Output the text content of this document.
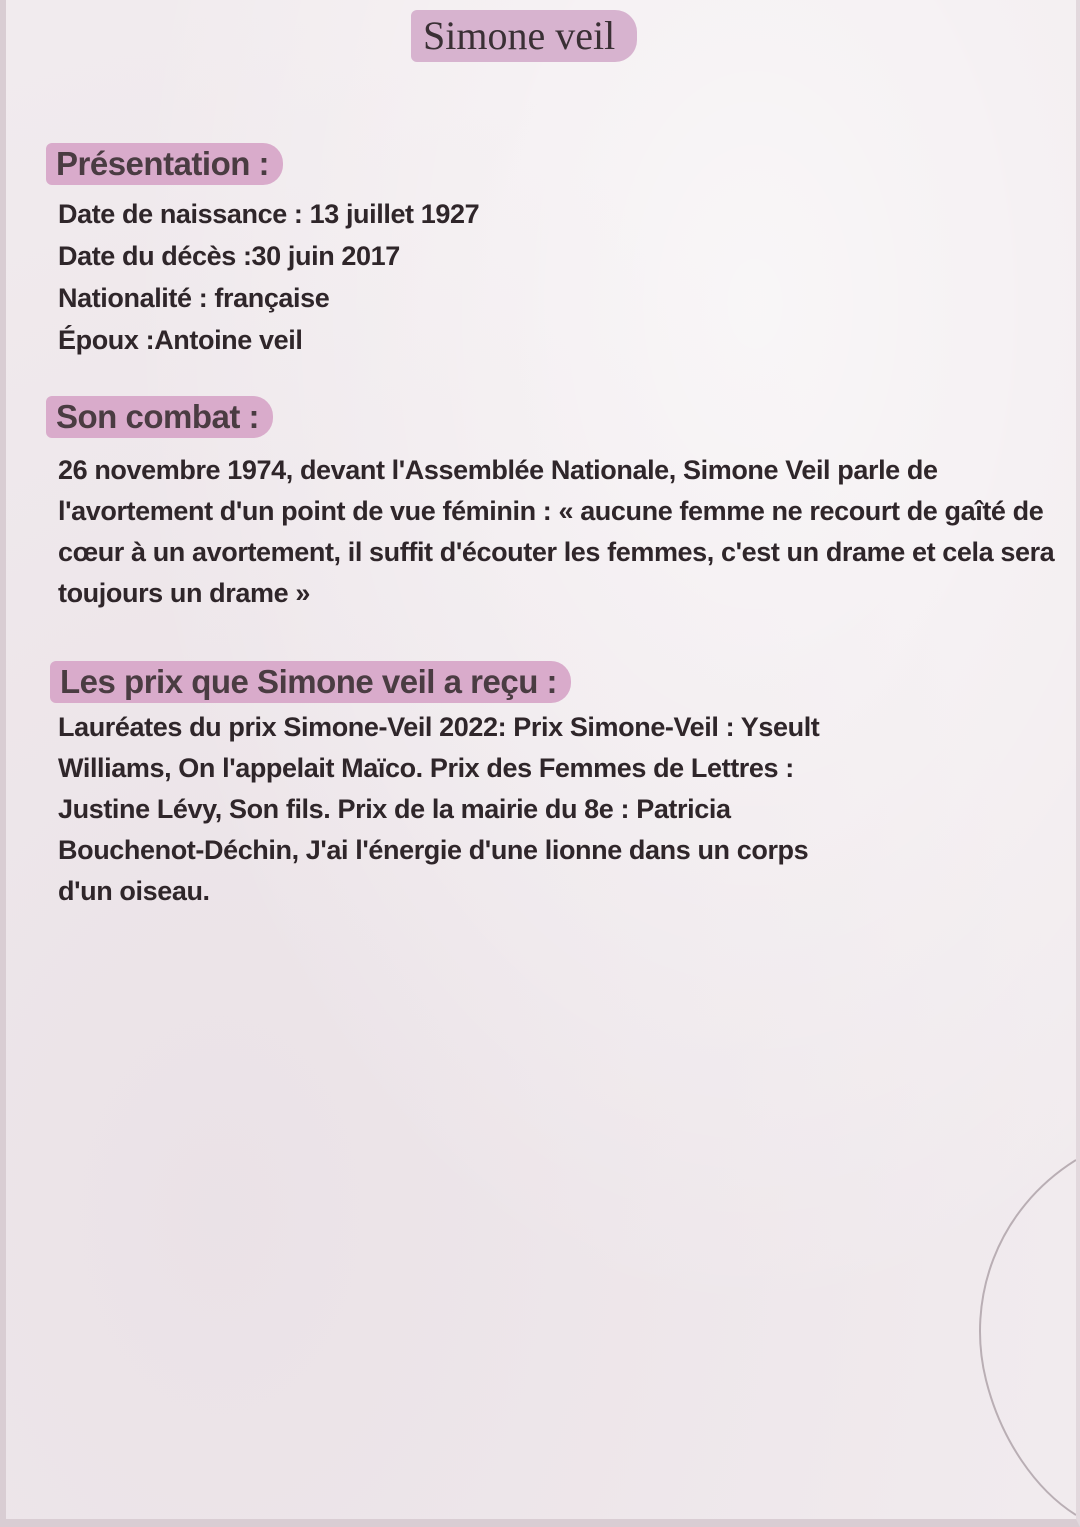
Simone veil
Présentation :
Date de naissance : 13 juillet 1927
Date du décès :30 juin 2017
Nationalité : française
Époux :Antoine veil
Son combat :
26 novembre 1974, devant l'Assemblée Nationale, Simone Veil parle de l'avortement d'un point de vue féminin : « aucune femme ne recourt de gaîté de cœur à un avortement, il suffit d'écouter les femmes, c'est un drame et cela sera toujours un drame »
Les prix que Simone veil a reçu :
Lauréates du prix Simone-Veil 2022: Prix Simone-Veil : Yseult Williams, On l'appelait Maïco. Prix des Femmes de Lettres : Justine Lévy, Son fils. Prix de la mairie du 8e : Patricia Bouchenot-Déchin, J'ai l'énergie d'une lionne dans un corps d'un oiseau.
